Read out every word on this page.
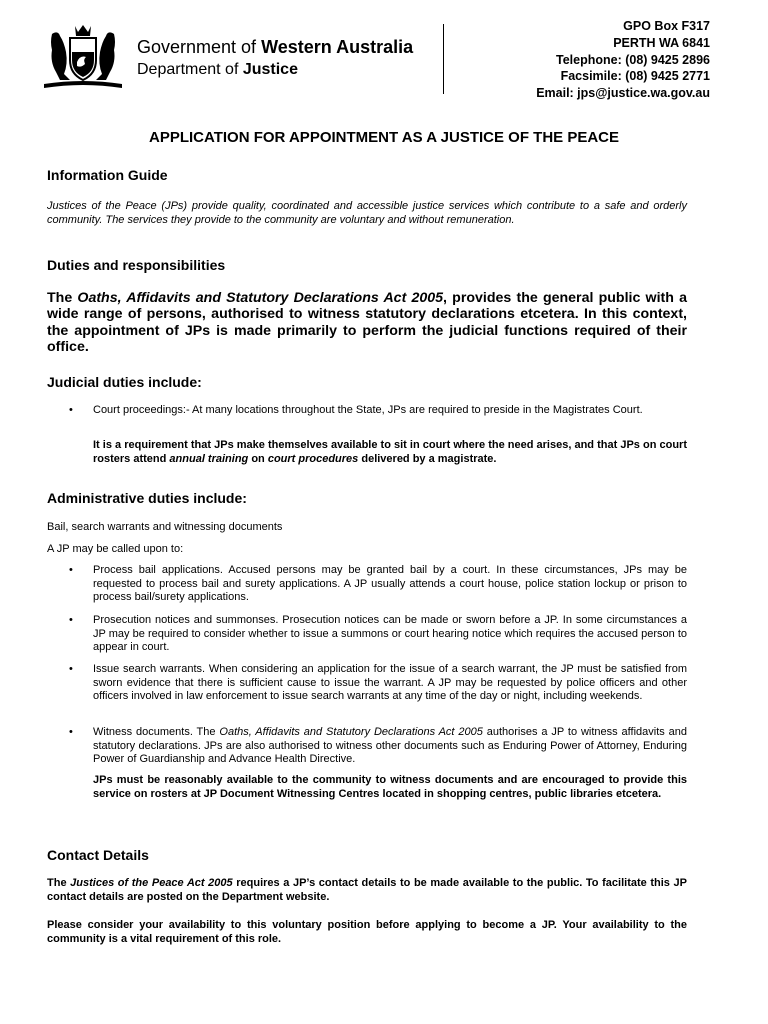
Government of Western Australia
Department of Justice
GPO Box F317
PERTH WA 6841
Telephone: (08) 9425 2896
Facsimile: (08) 9425 2771
Email: jps@justice.wa.gov.au
APPLICATION FOR APPOINTMENT AS A JUSTICE OF THE PEACE
Information Guide
Justices of the Peace (JPs) provide quality, coordinated and accessible justice services which contribute to a safe and orderly community. The services they provide to the community are voluntary and without remuneration.
Duties and responsibilities
The Oaths, Affidavits and Statutory Declarations Act 2005, provides the general public with a wide range of persons, authorised to witness statutory declarations etcetera. In this context, the appointment of JPs is made primarily to perform the judicial functions required of their office.
Judicial duties include:
• Court proceedings:- At many locations throughout the State, JPs are required to preside in the Magistrates Court.
It is a requirement that JPs make themselves available to sit in court where the need arises, and that JPs on court rosters attend annual training on court procedures delivered by a magistrate.
Administrative duties include:
Bail, search warrants and witnessing documents
A JP may be called upon to:
• Process bail applications. Accused persons may be granted bail by a court. In these circumstances, JPs may be requested to process bail and surety applications. A JP usually attends a court house, police station lockup or prison to process bail/surety applications.
• Prosecution notices and summonses. Prosecution notices can be made or sworn before a JP. In some circumstances a JP may be required to consider whether to issue a summons or court hearing notice which requires the accused person to appear in court.
• Issue search warrants. When considering an application for the issue of a search warrant, the JP must be satisfied from sworn evidence that there is sufficient cause to issue the warrant. A JP may be requested by police officers and other officers involved in law enforcement to issue search warrants at any time of the day or night, including weekends.
• Witness documents. The Oaths, Affidavits and Statutory Declarations Act 2005 authorises a JP to witness affidavits and statutory declarations. JPs are also authorised to witness other documents such as Enduring Power of Attorney, Enduring Power of Guardianship and Advance Health Directive.
JPs must be reasonably available to the community to witness documents and are encouraged to provide this service on rosters at JP Document Witnessing Centres located in shopping centres, public libraries etcetera.
Contact Details
The Justices of the Peace Act 2005 requires a JP’s contact details to be made available to the public. To facilitate this JP contact details are posted on the Department website.
Please consider your availability to this voluntary position before applying to become a JP. Your availability to the community is a vital requirement of this role.
